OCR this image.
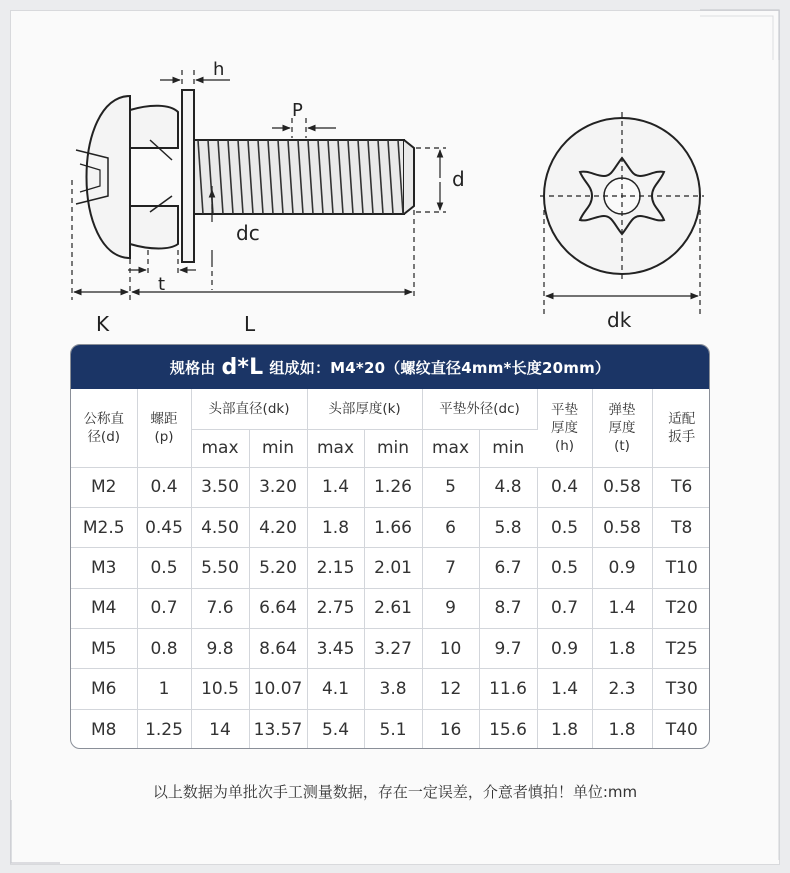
h
P
d
dc
t
K	L	dk
规格由 d*L 组成如：M4*20（螺纹直径4mm*长度20mm）
公称直径(d)	螺距(p)	头部直径(dk)		头部厚度(k)		平垫外径(dc)		平垫厚度(h)	弹垫厚度(t)	适配扳手
		max	min	max	min	max	min			
M2	0.4	3.50	3.20	1.4	1.26	5	4.8	0.4	0.58	T6
M2.5	0.45	4.50	4.20	1.8	1.66	6	5.8	0.5	0.58	T8
M3	0.5	5.50	5.20	2.15	2.01	7	6.7	0.5	0.9	T10
M4	0.7	7.6	6.64	2.75	2.61	9	8.7	0.7	1.4	T20
M5	0.8	9.8	8.64	3.45	3.27	10	9.7	0.9	1.8	T25
M6	1	10.5	10.07	4.1	3.8	12	11.6	1.4	2.3	T30
M8	1.25	14	13.57	5.4	5.1	16	15.6	1.8	1.8	T40
以上数据为单批次手工测量数据，存在一定误差，介意者慎拍！单位:mm
